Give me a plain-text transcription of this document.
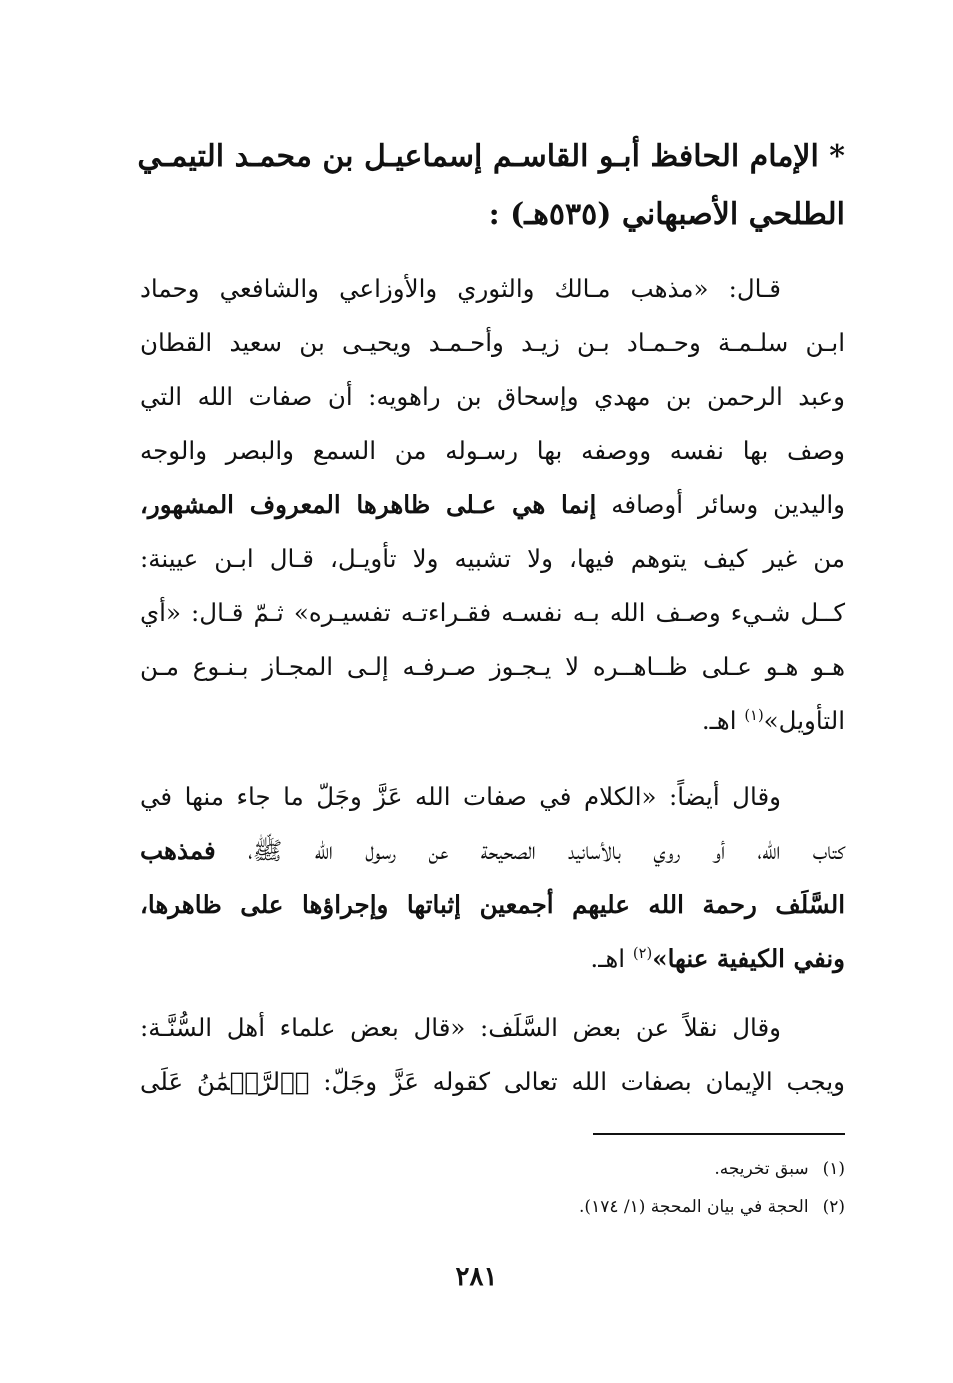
* الإمام الحافظ أبـو القاسـم إسماعيـل بن محمـد التيمـي
الطلحي الأصبهاني (٥٣٥هـ) :
قـال: «مذهب مـالك والثوري والأوزاعي والشافعي وحماد
ابـن سلـمـة وحـمـاد بـن زيـد وأحـمـد ويحيـى بن سعيد القطان
وعبد الرحمن بن مهدي وإسحاق بن راهويه: أن صفات الله التي
وصف بها نفسه ووصفه بها رسـوله من السمع والبصر والوجه
واليدين وسائر أوصافه إنما هي عـلى ظاهرها المعروف المشهور،
من غير كيف يتوهم فيها، ولا تشبيه ولا تأويـل، قـال ابـن عيينة:
كــل شـيء وصـف الله بـه نفسـه فقـراءتـه تفسيـره» ثـمّ قـال: «أي
هـو هـو عـلى ظــاهــره لا يـجـوز صـرفـه إلـى المجـاز بـنـوع مـن
التأويل»$^{(١)}$ اهـ.
وقال أيضاً: «الكلام في صفات الله عَزَّ وجَلّ ما جاء منها في
كتاب الله، أو روي بالأسانيد الصحيحة عن رسول الله ﷺ، فمذهب
السَّلَف رحمة الله عليهم أجمعين إثباتها وإجراؤها على ظاهرها،
ونفي الكيفية عنها»$^{(٢)}$ اهـ.
وقال نقلاً عن بعض السَّلَف: «قال بعض علماء أهل السُّنَّـة:
ويجب الإيمان بصفات الله تعالى كقوله عَزَّ وجَلّ: ﴿ٱلرَّحۡمَٰنُ عَلَى
(١)سبق تخريجه.
(٢)الحجة في بيان المحجة (١/ ١٧٤).
٢٨١
